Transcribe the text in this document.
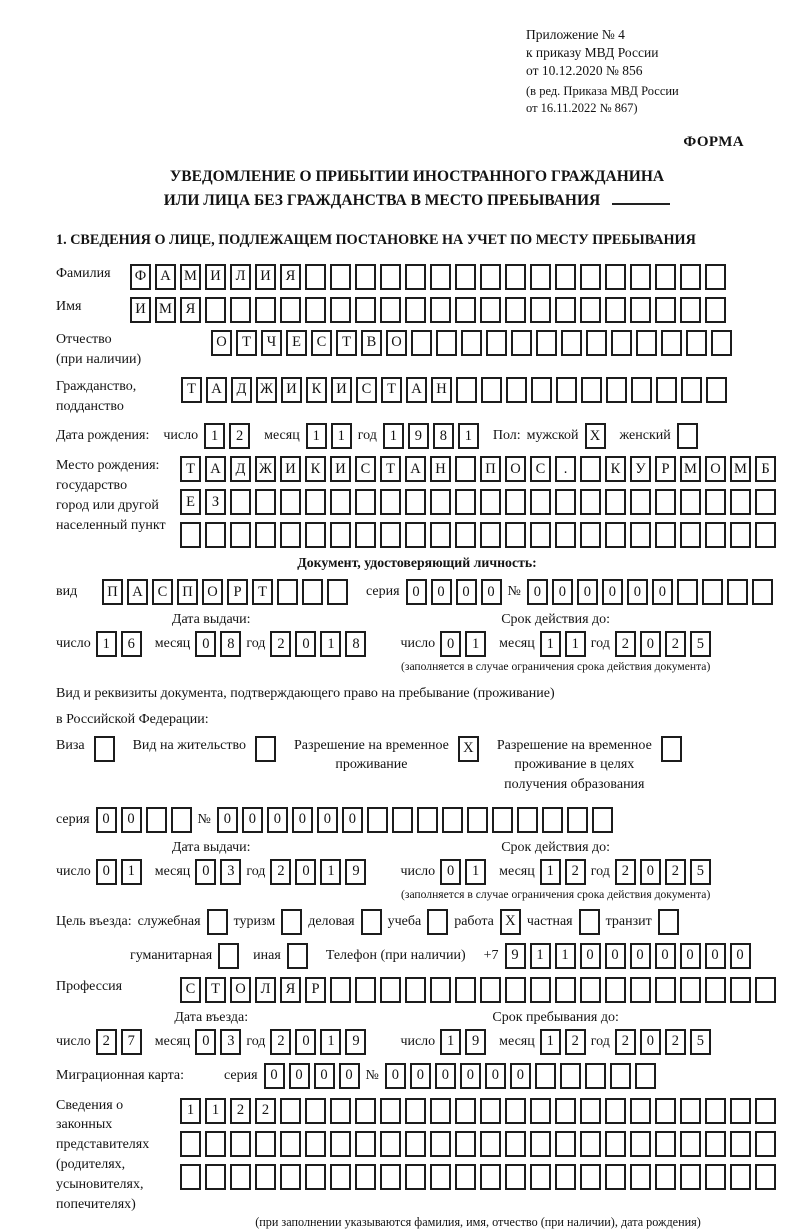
Приложение № 4
к приказу МВД России
от 10.12.2020 № 856
(в ред. Приказа МВД России
от 16.11.2022 № 867)
ФОРМА
УВЕДОМЛЕНИЕ О ПРИБЫТИИ ИНОСТРАННОГО ГРАЖДАНИНА
ИЛИ ЛИЦА БЕЗ ГРАЖДАНСТВА В МЕСТО ПРЕБЫВАНИЯ
1. СВЕДЕНИЯ О ЛИЦЕ, ПОДЛЕЖАЩЕМ ПОСТАНОВКЕ НА УЧЕТ ПО МЕСТУ ПРЕБЫВАНИЯ
Фамилия	Ф А М И	Л	И	Я
Имя	И М Я
Отчество
(при наличии)
О	Т	Ч	Е	С	Т	В	О
Гражданство,
подданство
Т	А	Д Ж И	К	И	С	Т	А	Н
Дата рождения: число 1	2	месяц 1	1 год 1	9	8	1	Пол: мужской X	женский
Место рождения:
государство
город или другой
населенный пункт
Т	А	Д Ж И	К	И	С	Т	А	Н	П	О	С	.	К	У	Р	М О М Б
Е	З
Документ, удостоверяющий личность:
вид	П	А	С	П	О	Р	Т	серия 0	0	0	0 № 0	0	0	0	0	0
Дата выдачи:
число 1	6	месяц 0	8 год 2	0	1	8
Срок действия до:
число 0	1	месяц 1	1 год 2	0	2	5
(заполняется в случае ограничения срока действия документа)
Вид и реквизиты документа, подтверждающего право на пребывание (проживание)
в Российской Федерации:
Виза	Вид на жительство	Разрешение на временное
проживание
X	Разрешение на временное
проживание в целях
получения образования
серия 0	0	№ 0	0	0	0	0	0
Дата выдачи:
число 0	1	месяц 0	3 год 2	0	1	9
Срок действия до:
число 0	1	месяц 1	2 год 2	0	2	5
(заполняется в случае ограничения срока действия документа)
Цель въезда: служебная туризм деловая учеба работа X частная транзит
гуманитарная	иная	Телефон (при наличии) +7 9	1	1	0	0	0	0	0	0	0
Профессия	С	Т	О	Л	Я	Р
Дата въезда:
число 2	7	месяц 0	3 год 2	0	1	9
Срок пребывания до:
число 1	9	месяц 1	2 год 2	0	2	5
Миграционная карта:	серия 0	0	0	0 № 0	0	0	0	0	0
Сведения о
законных
представителях
(родителях,
усыновителях,
попечителях)
1	1	2	2
(при заполнении указываются фамилия, имя, отчество (при наличии), дата рождения)
